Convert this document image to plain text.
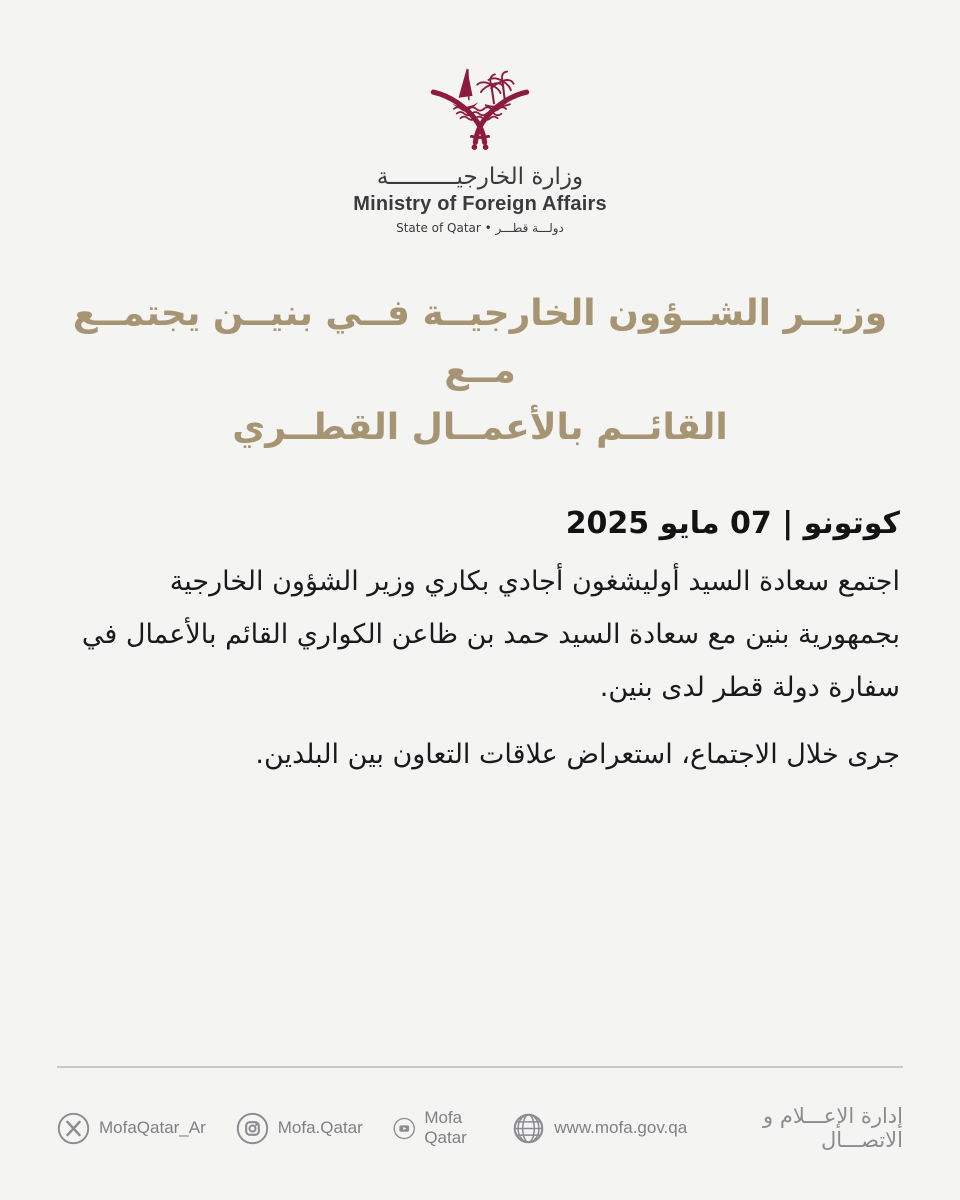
وزارة الخارجيــــــــــة
Ministry of Foreign Affairs
دولـــة قطـــر • State of Qatar
وزيــر الشــؤون الخارجيــة فــي بنيــن يجتمــع مــع
القائــم بالأعمــال القطــري
كوتونو | 07 مايو 2025

اجتمع سعادة السيد أوليشغون أجادي بكاري وزير الشؤون الخارجية بجمهورية بنين مع سعادة السيد حمد بن ظاعن الكواري القائم بالأعمال في سفارة دولة قطر لدى بنين.

جرى خلال الاجتماع، استعراض علاقات التعاون بين البلدين.

MofaQatar_Ar	Mofa.Qatar
Mofa Qatar
www.mofa.gov.qa	إدارة الإعـــلام و الاتصـــال
